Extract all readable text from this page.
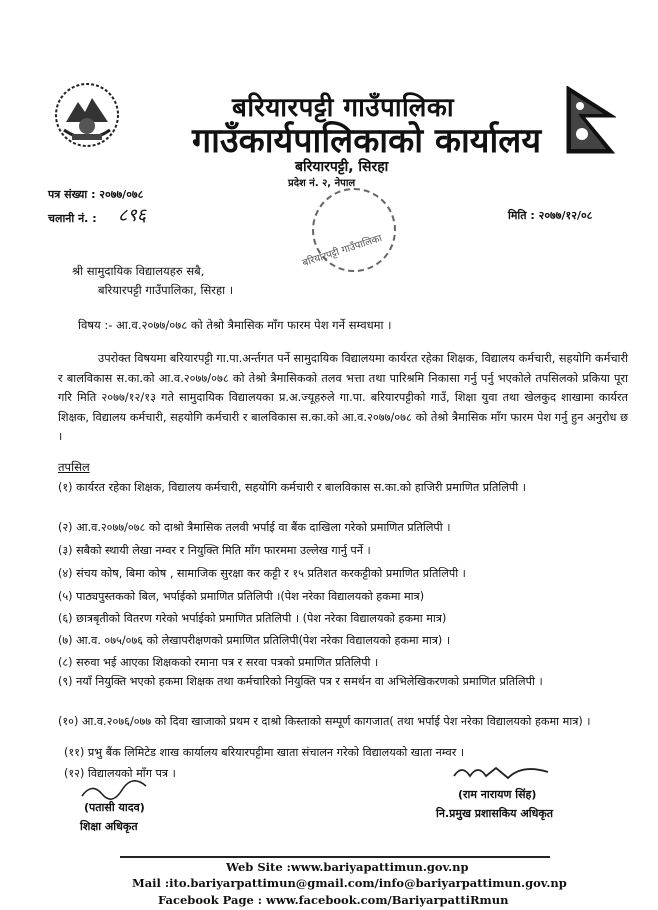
बरियारपट्टी गाउँपालिका
गाउँकार्यपालिकाको कार्यालय
बरियारपट्टी, सिरहा
प्रदेश नं. २, नेपाल
पत्र संख्या : २०७७/०७८
चलानी नं. : ८९६	मिति : २०७७/१२/०८
बरियारपट्टी गाउँपालिका
श्री सामुदायिक विद्यालयहरु सबै,
बरियारपट्टी गाउँपालिका, सिरहा ।
विषय :- आ.व.२०७७/०७८ को तेश्रो त्रैमासिक माँग फारम पेश गर्ने सम्वधमा ।
उपरोक्त विषयमा बरियारपट्टी गा.पा.अर्न्तगत पर्ने सामुदायिक विद्यालयमा कार्यरत रहेका शिक्षक, विद्यालय कर्मचारी, सहयोगि कर्मचारी र बालविकास स.का.को आ.व.२०७७/०७८ को तेश्रो त्रैमासिकको तलव भत्ता तथा पारिश्रमि निकासा गर्नु पर्नु भएकोले तपसिलको प्रकिया पूरा गरि मिति २०७७/१२/१३ गते सामुदायिक विद्यालयका प्र.अ.ज्यूहरुले गा.पा. बरियारपट्टीको गाउँ, शिक्षा युवा तथा खेलकुद शाखामा कार्यरत शिक्षक, विद्यालय कर्मचारी, सहयोगि कर्मचारी र बालविकास स.का.को आ.व.२०७७/०७८ को तेश्रो त्रैमासिक माँग फारम पेश गर्नु हुन अनुरोध छ ।
तपसिल
(१) कार्यरत रहेका शिक्षक, विद्यालय कर्मचारी, सहयोगि कर्मचारी र बालविकास स.का.को हाजिरी प्रमाणित प्रतिलिपी ।
(२) आ.व.२०७७/०७८ को दाश्रो त्रैमासिक तलवी भर्पाई वा बैंक दाखिला गरेको प्रमाणित प्रतिलिपी ।
(३) सबैको स्थायी लेखा नम्वर र नियुक्ति मिति माँग फारममा उल्लेख गार्नु पर्ने ।
(४) संचय कोष, बिमा कोष , सामाजिक सुरक्षा कर कट्टी र १५ प्रतिशत करकट्टीको प्रमाणित प्रतिलिपी ।
(५) पाठ्यपुस्तकको बिल, भर्पाईको प्रमाणित प्रतिलिपी ।(पेश नरेका विद्यालयको हकमा मात्र)
(६) छात्रबृतीको वितरण गरेको भर्पाईको प्रमाणित प्रतिलिपी । (पेश नरेका विद्यालयको हकमा मात्र)
(७) आ.व. ०७५/०७६ को लेखापरीक्षणको प्रमाणित प्रतिलिपी(पेश नरेका विद्यालयको हकमा मात्र) ।
(८) सरुवा भई आएका शिक्षकको रमाना पत्र र सरवा पत्रको प्रमाणित प्रतिलिपी ।
(९) नयाँ नियुक्ति भएको हकमा शिक्षक तथा कर्मचारिको नियुक्ति पत्र र समर्थन वा अभिलेखिकरणको प्रमाणित प्रतिलिपी ।
(१०) आ.व.२०७६/०७७ को दिवा खाजाको प्रथम र दाश्रो किस्ताको सम्पूर्ण कागजात( तथा भर्पाई पेश नरेका विद्यालयको हकमा मात्र) ।
(११) प्रभु बैंक लिमिटेड शाख कार्यालय बरियारपट्टीमा खाता संचालन गरेको विद्यालयको खाता नम्वर ।
(१२) विद्यालयको माँग पत्र ।
(पतासी यादव)
शिक्षा अधिकृत
(राम नारायण सिंह)
नि.प्रमुख प्रशासकिय अधिकृत
Web Site :www.bariyapattimun.gov.np
Mail :ito.bariyarpattimun@gmail.com/info@bariyarpattimun.gov.np
Facebook Page : www.facebook.com/BariyarpattiRmun
